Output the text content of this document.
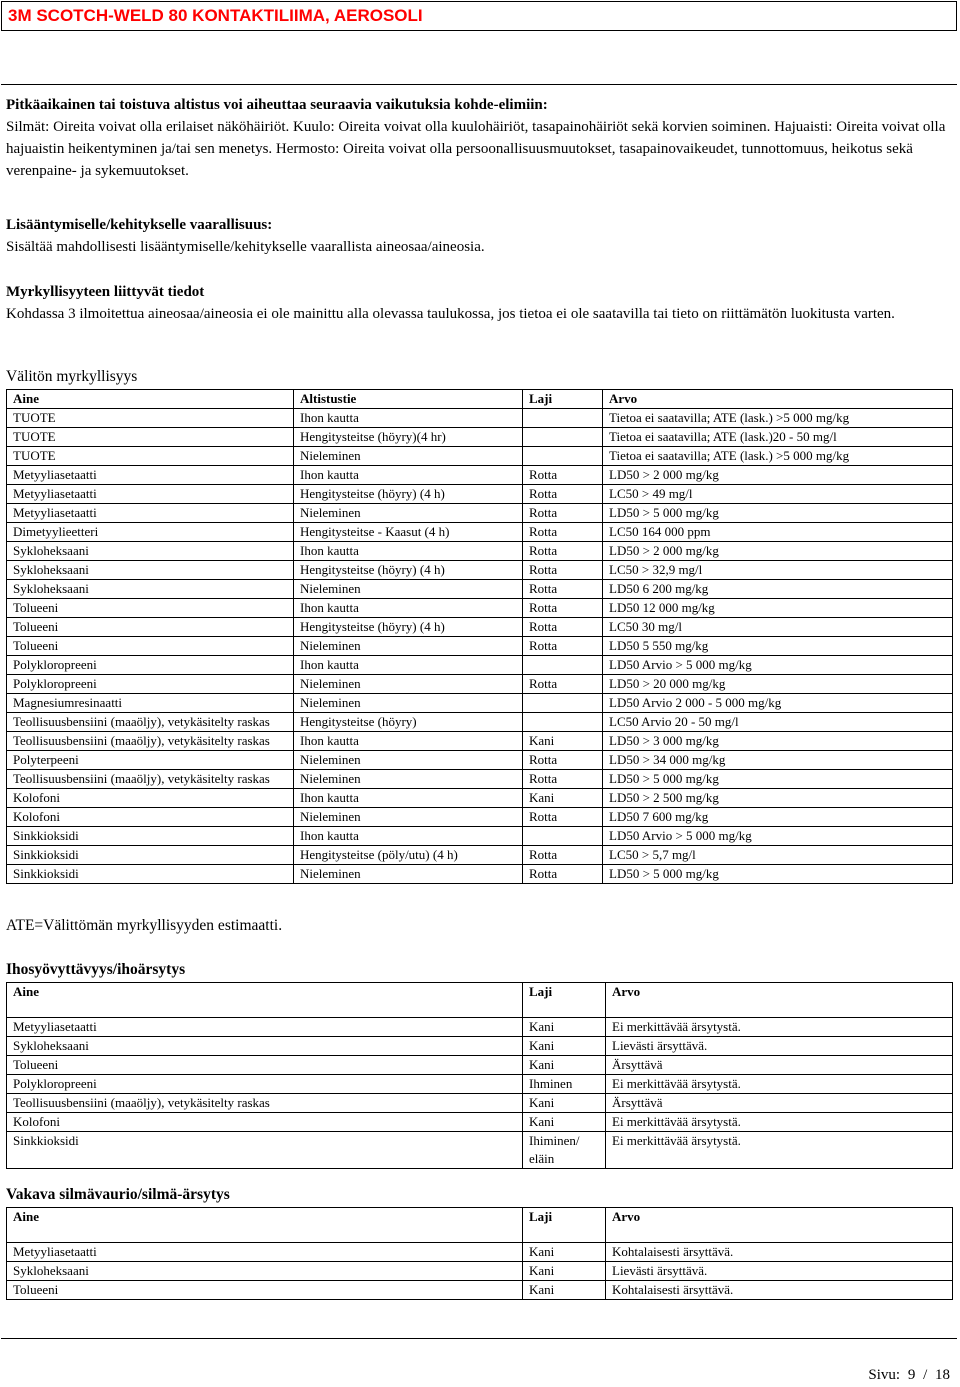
3M SCOTCH-WELD 80 KONTAKTILIIMA, AEROSOLI

Pitkäaikainen tai toistuva altistus voi aiheuttaa seuraavia vaikutuksia kohde-elimiin:

Silmät: Oireita voivat olla erilaiset näköhäiriöt. Kuulo: Oireita voivat olla kuulohäiriöt, tasapainohäiriöt sekä korvien soiminen. Hajuaisti: Oireita voivat olla hajuaistin heikentyminen ja/tai sen menetys. Hermosto: Oireita voivat olla persoonallisuusmuutokset, tasapainovaikeudet, tunnottomuus, heikotus sekä verenpaine- ja sykemuutokset.

Lisääntymiselle/kehitykselle vaarallisuus:

Sisältää mahdollisesti lisääntymiselle/kehitykselle vaarallista aineosaa/aineosia.

Myrkyllisyyteen liittyvät tiedot

Kohdassa 3 ilmoitettua aineosaa/aineosia ei ole mainittu alla olevassa taulukossa, jos tietoa ei ole saatavilla tai tieto on riittämätön luokitusta varten.

Välitön myrkyllisyys
Aine	Altistustie	Laji	Arvo
TUOTE	Ihon kautta		Tietoa ei saatavilla; ATE (lask.) >5 000 mg/kg
TUOTE	Hengitysteitse (höyry)(4 hr)		Tietoa ei saatavilla; ATE (lask.)20 - 50 mg/l
TUOTE	Nieleminen		Tietoa ei saatavilla; ATE (lask.) >5 000 mg/kg
Metyyliasetaatti	Ihon kautta	Rotta	LD50 > 2 000 mg/kg
Metyyliasetaatti	Hengitysteitse (höyry) (4 h)	Rotta	LC50 > 49 mg/l
Metyyliasetaatti	Nieleminen	Rotta	LD50 > 5 000 mg/kg
Dimetyylieetteri	Hengitysteitse - Kaasut (4 h)	Rotta	LC50 164 000 ppm
Sykloheksaani	Ihon kautta	Rotta	LD50 > 2 000 mg/kg
Sykloheksaani	Hengitysteitse (höyry) (4 h)	Rotta	LC50 > 32,9 mg/l
Sykloheksaani	Nieleminen	Rotta	LD50 6 200 mg/kg
Tolueeni	Ihon kautta	Rotta	LD50 12 000 mg/kg
Tolueeni	Hengitysteitse (höyry) (4 h)	Rotta	LC50 30 mg/l
Tolueeni	Nieleminen	Rotta	LD50 5 550 mg/kg
Polykloropreeni	Ihon kautta		LD50 Arvio > 5 000 mg/kg
Polykloropreeni	Nieleminen	Rotta	LD50 > 20 000 mg/kg
Magnesiumresinaatti	Nieleminen		LD50 Arvio 2 000 - 5 000 mg/kg
Teollisuusbensiini (maaöljy), vetykäsitelty raskas	Hengitysteitse (höyry)		LC50 Arvio 20 - 50 mg/l
Teollisuusbensiini (maaöljy), vetykäsitelty raskas	Ihon kautta	Kani	LD50 > 3 000 mg/kg
Polyterpeeni	Nieleminen	Rotta	LD50 > 34 000 mg/kg
Teollisuusbensiini (maaöljy), vetykäsitelty raskas	Nieleminen	Rotta	LD50 > 5 000 mg/kg
Kolofoni	Ihon kautta	Kani	LD50 > 2 500 mg/kg
Kolofoni	Nieleminen	Rotta	LD50 7 600 mg/kg
Sinkkioksidi	Ihon kautta		LD50 Arvio > 5 000 mg/kg
Sinkkioksidi	Hengitysteitse (pöly/utu) (4 h)	Rotta	LC50 > 5,7 mg/l
Sinkkioksidi	Nieleminen	Rotta	LD50 > 5 000 mg/kg
ATE=Välittömän myrkyllisyyden estimaatti.
Ihosyövyttävyys/ihoärsytys
Aine	Laji	Arvo
Metyyliasetaatti	Kani	Ei merkittävää ärsytystä.
Sykloheksaani	Kani	Lievästi ärsyttävä.
Tolueeni	Kani	Ärsyttävä
Polykloropreeni	Ihminen	Ei merkittävää ärsytystä.
Teollisuusbensiini (maaöljy), vetykäsitelty raskas	Kani	Ärsyttävä
Kolofoni	Kani	Ei merkittävää ärsytystä.
Sinkkioksidi	Ihiminen/ eläin	Ei merkittävää ärsytystä.
Vakava silmävaurio/silmä-ärsytys
Aine	Laji	Arvo
Metyyliasetaatti	Kani	Kohtalaisesti ärsyttävä.
Sykloheksaani	Kani	Lievästi ärsyttävä.
Tolueeni	Kani	Kohtalaisesti ärsyttävä.
Sivu: 9 / 18
